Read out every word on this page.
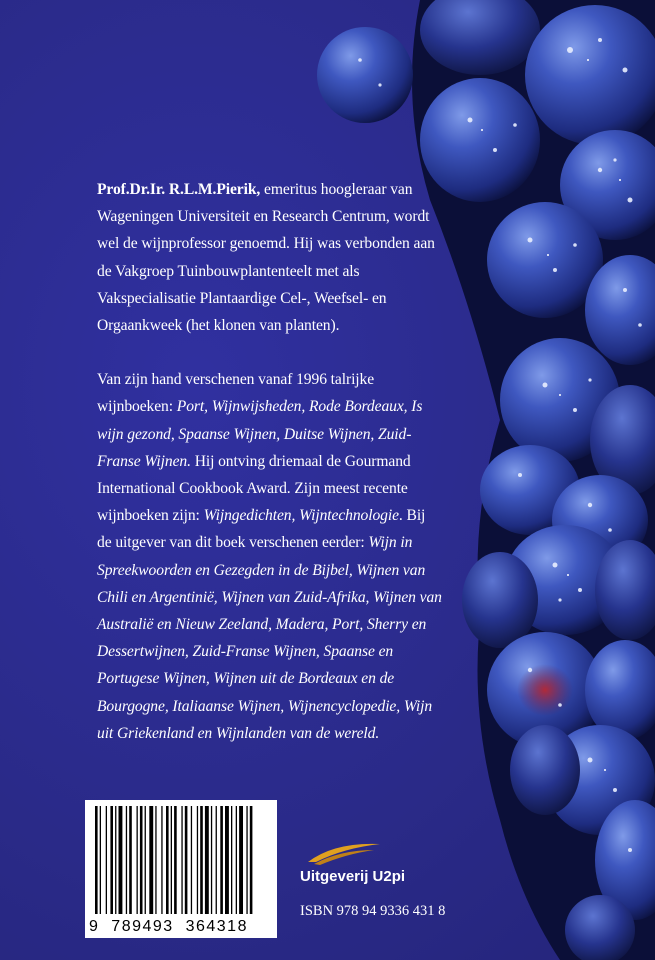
Prof.Dr.Ir. R.L.M.Pierik, emeritus hoogleraar van Wageningen Universiteit en Research Centrum, wordt wel de wijnprofessor genoemd. Hij was verbonden aan de Vakgroep Tuinbouwplantenteelt met als Vakspecialisatie Plantaardige Cel-, Weefsel- en Orgaankweek (het klonen van planten).

Van zijn hand verschenen vanaf 1996 talrijke wijnboeken: Port, Wijnwijsheden, Rode Bordeaux, Is wijn gezond, Spaanse Wijnen, Duitse Wijnen, Zuid-Franse Wijnen. Hij ontving driemaal de Gourmand International Cookbook Award. Zijn meest recente wijnboeken zijn: Wijngedichten, Wijntechnologie. Bij de uitgever van dit boek verschenen eerder: Wijn in Spreekwoorden en Gezegden in de Bijbel, Wijnen van Chili en Argentinië, Wijnen van Zuid-Afrika, Wijnen van Australië en Nieuw Zeeland, Madera, Port, Sherry en Dessertwijnen, Zuid-Franse Wijnen, Spaanse en Portugese Wijnen, Wijnen uit de Bordeaux en de Bourgogne, Italiaanse Wijnen, Wijnencyclopedie, Wijn uit Griekenland en Wijnlanden van de wereld.

9  789493  364318
Uitgeverij U2pi
ISBN 978 94 9336 431 8
